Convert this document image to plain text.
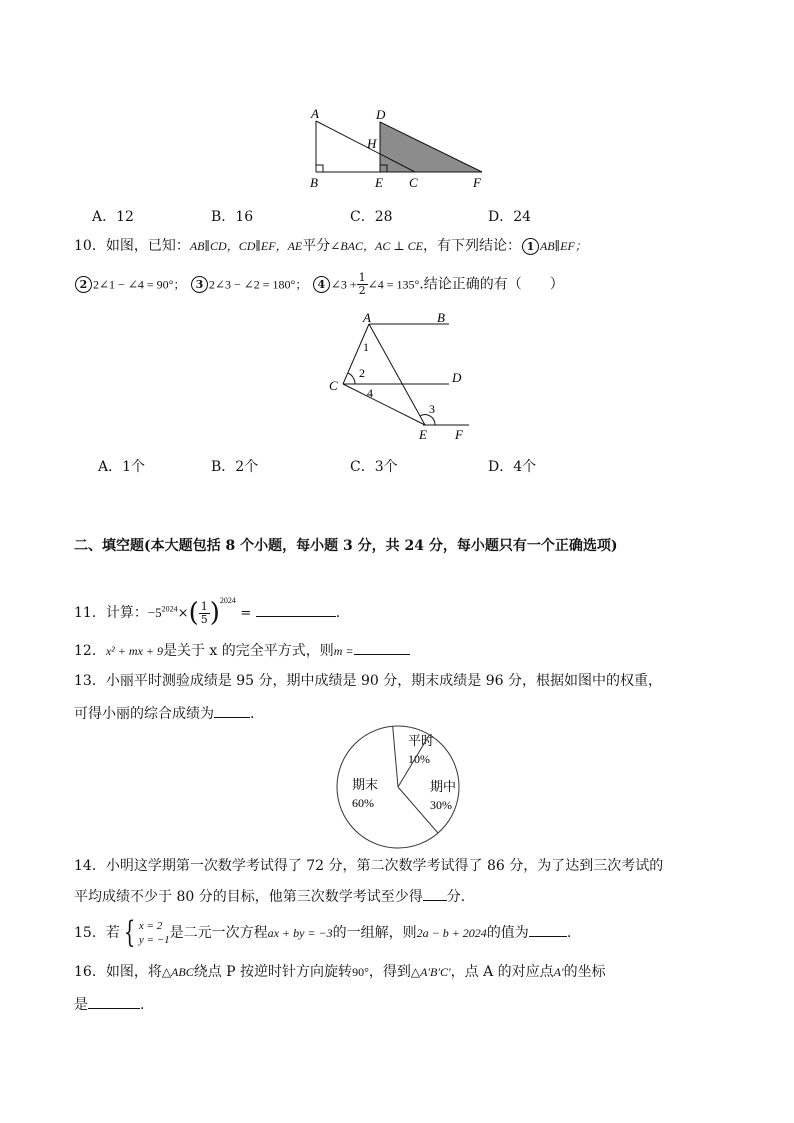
A	D
H
B	E C	F
A．12	B．16	C．28	D．24
10．如图，已知：AB∥CD，CD∥EF，AE平分∠BAC，AC ⊥ CE，有下列结论： 1 AB∥EF；
2 2∠1 − ∠4 = 90°； 3 2∠3 − ∠2 = 180°； 4 ∠3 + $\frac{1}{2}$ ∠4 = 135°.结论正确的有（　　）
A	B
C
D
E F
1
2
4
3
A．1个	B．2个	C．3个	D．4个
二、填空题(本大题包括 8 个小题，每小题 3 分，共 24 分，每小题只有一个正确选项)
11．计算：$-5^{2024}\times( \frac{1}{5} )^{2024}$ =	.
12．x² + mx + 9是关于 x 的完全平方式，则m =
13．小丽平时测验成绩是 95 分，期中成绩是 90 分，期末成绩是 96 分，根据如图中的权重，
可得小丽的综合成绩为	.
平时
10%
期中
30%
期末
60%
14．小明这学期第一次数学考试得了 72 分，第二次数学考试得了 86 分，为了达到三次考试的
平均成绩不少于 80 分的目标，他第三次数学考试至少得 分.
15．若 { x = 2
y = −1 是二元一次方程ax + by = −3的一组解，则2a − b + 2024的值为	.
16．如图，将△ABC绕点 P 按逆时针方向旋转90°，得到△A′B′C′，点 A 的对应点A′的坐标
是	.
